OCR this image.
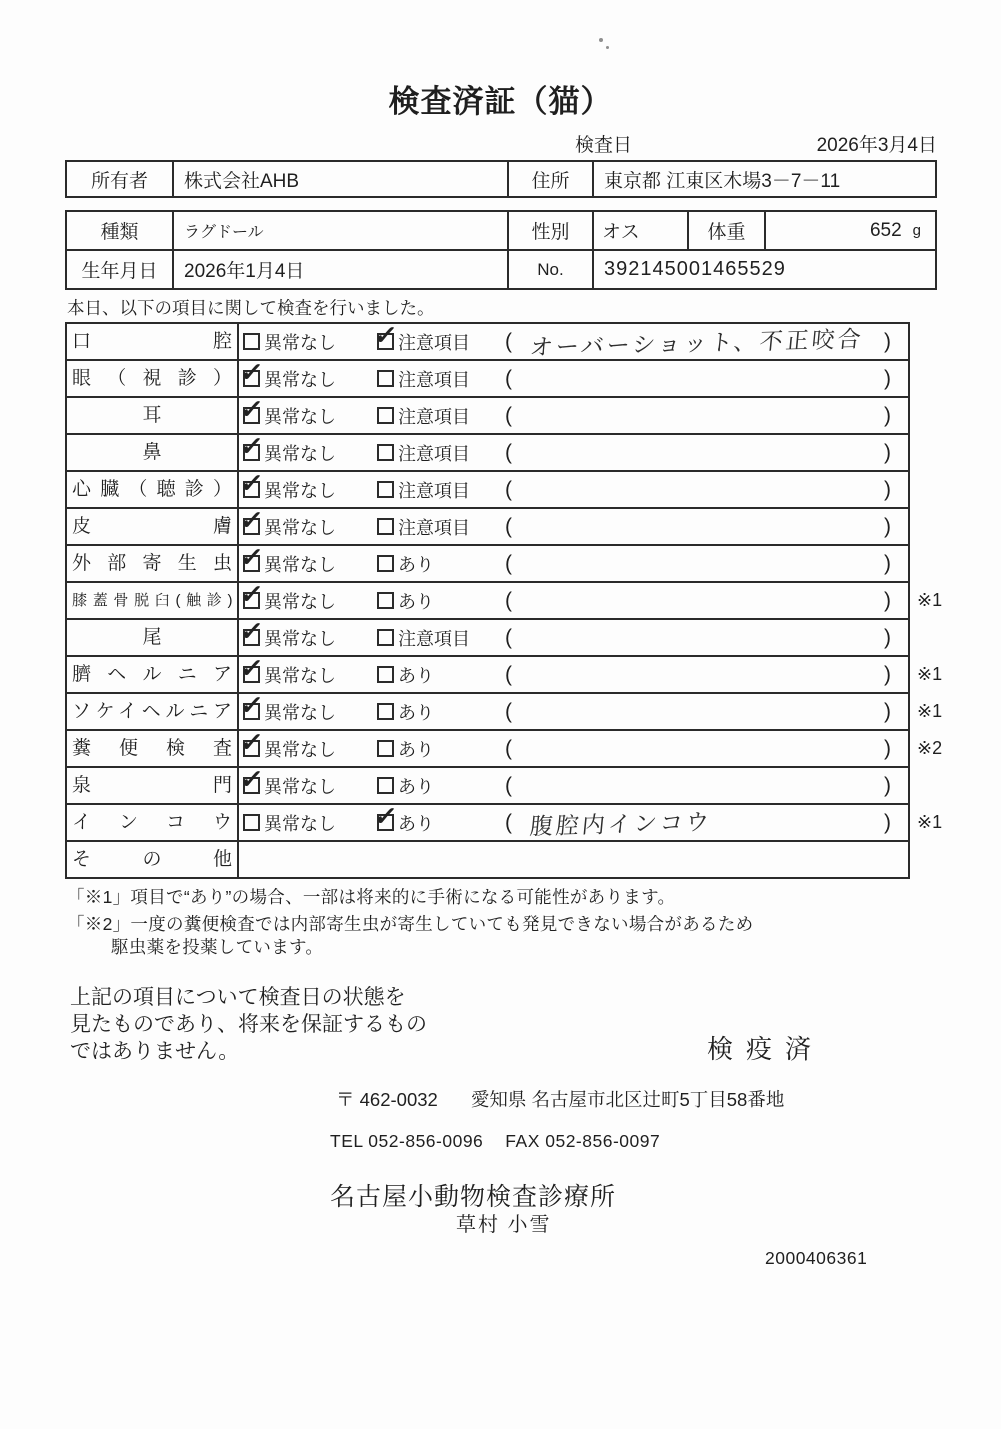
検査済証（猫）
検査日	2026年3月4日
所有者	株式会社AHB	住所	東京都 江東区木場3－7－11
種類	ラグドール	性別	オス	体重	652 g
生年月日	2026年1月4日	No.	392145001465529
本日、以下の項目に関して検査を行いました。
口腔	異常なし ✓ 注意項目 ( オーバーショット、不正咬合 )
眼（視診） ✓ 異常なし	注意項目 (	)
耳	✓ 異常なし	注意項目 (	)
鼻	✓ 異常なし	注意項目 (	)
心臓（聴診） ✓ 異常なし	注意項目 (	)
皮膚 ✓ 異常なし	注意項目 (	)
外部寄生虫 ✓ 異常なし	あり	(	)
膝蓋骨脱臼(触診) ✓ 異常なし	あり	(	) ※1
尾	✓ 異常なし	注意項目 (	)
臍ヘルニア ✓ 異常なし	あり	(	) ※1
ソケイヘルニア ✓ 異常なし	あり	(	) ※1
糞便検査 ✓ 異常なし	あり	(	) ※2
泉門 ✓ 異常なし	あり	(	)
インコウ	異常なし ✓ あり	( 腹腔内インコウ	) ※1
その他
「※1」項目で“あり”の場合、一部は将来的に手術になる可能性があります。
「※2」一度の糞便検査では内部寄生虫が寄生していても発見できない場合があるため
駆虫薬を投薬しています。
上記の項目について検査日の状態を
見たものであり、将来を保証するもの
ではありません。	検疫済
〒 462-0032 愛知県 名古屋市北区辻町5丁目58番地
TEL 052-856-0096 FAX 052-856-0097
名古屋小動物検査診療所
草村 小雪
2000406361
